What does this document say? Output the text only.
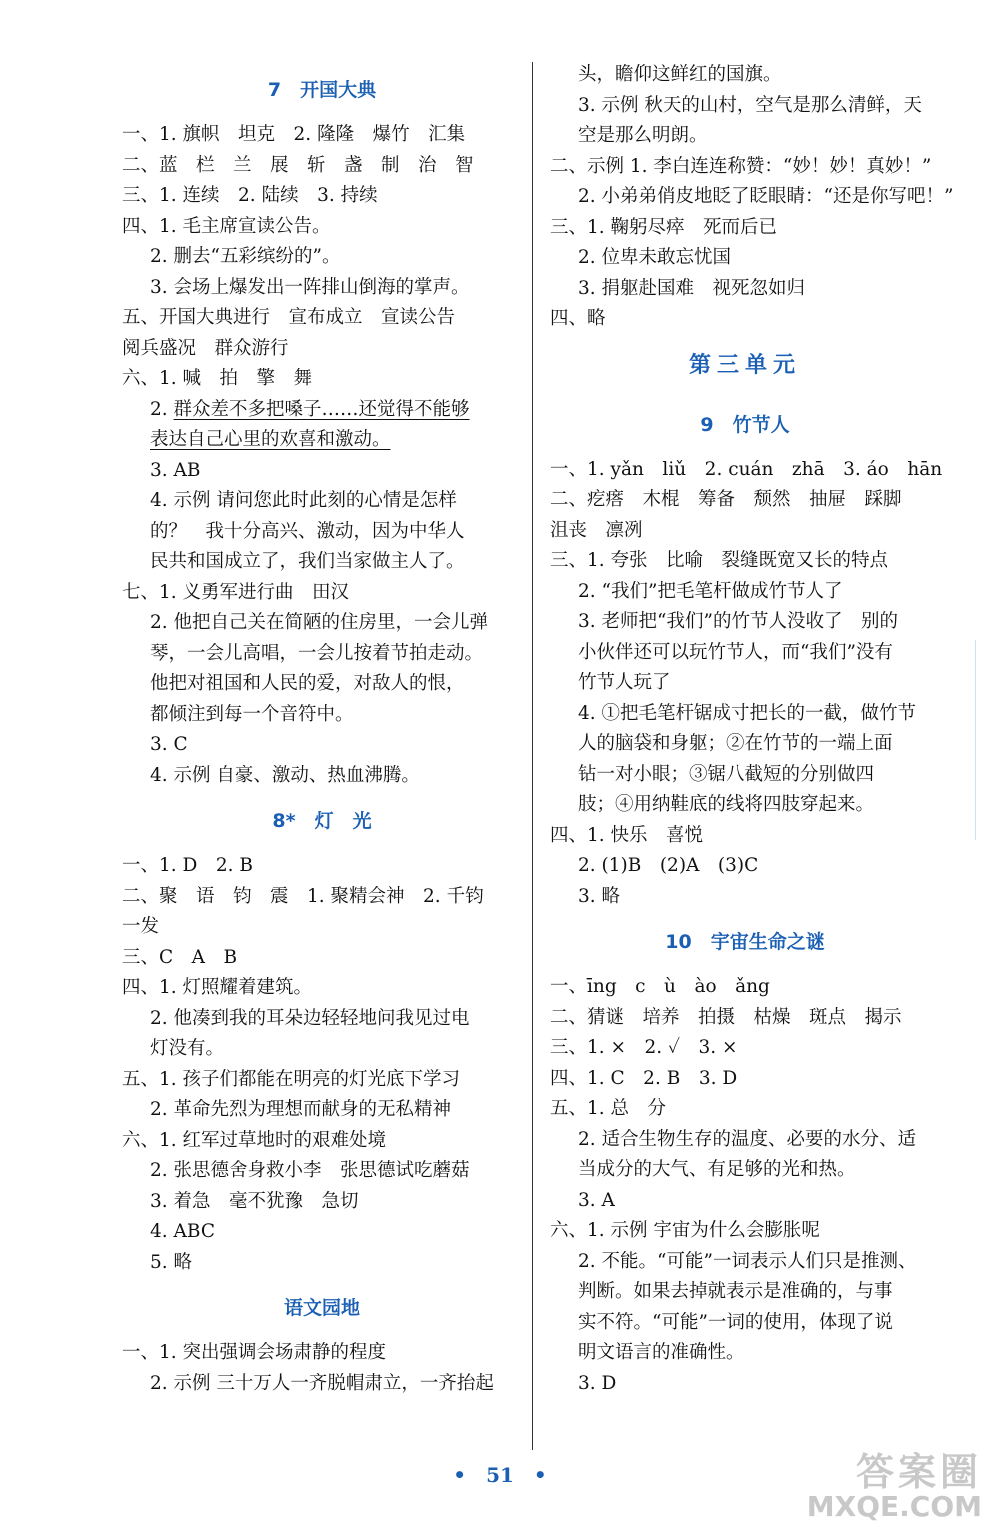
7　开国大典
一、1. 旗帜　坦克　2. 隆隆　爆竹　汇集
二、蓝　栏　兰　展　斩　盏　制　治　智
三、1. 连续　2. 陆续　3. 持续
四、1. 毛主席宣读公告。
2. 删去“五彩缤纷的”。
3. 会场上爆发出一阵排山倒海的掌声。
五、开国大典进行　宣布成立　宣读公告
阅兵盛况　群众游行
六、1. 喊　拍　擎　舞
2. 群众差不多把嗓子……还觉得不能够
表达自己心里的欢喜和激动。
3. AB
4. 示例 请问您此时此刻的心情是怎样
的？　我十分高兴、激动，因为中华人
民共和国成立了，我们当家做主人了。
七、1. 义勇军进行曲　田汉
2. 他把自己关在简陋的住房里，一会儿弹
琴，一会儿高唱，一会儿按着节拍走动。
他把对祖国和人民的爱，对敌人的恨，
都倾注到每一个音符中。
3. C
4. 示例 自豪、激动、热血沸腾。
8*　灯　光
一、1. D　2. B
二、聚　语　钧　震　1. 聚精会神　2. 千钧
一发
三、C　A　B
四、1. 灯照耀着建筑。
2. 他凑到我的耳朵边轻轻地问我见过电
灯没有。
五、1. 孩子们都能在明亮的灯光底下学习
2. 革命先烈为理想而献身的无私精神
六、1. 红军过草地时的艰难处境
2. 张思德舍身救小李　张思德试吃蘑菇
3. 着急　毫不犹豫　急切
4. ABC
5. 略
语文园地
一、1. 突出强调会场肃静的程度
2. 示例 三十万人一齐脱帽肃立，一齐抬起
头，瞻仰这鲜红的国旗。
3. 示例 秋天的山村，空气是那么清鲜，天
空是那么明朗。
二、示例 1. 李白连连称赞：“妙！妙！真妙！”
2. 小弟弟俏皮地眨了眨眼睛：“还是你写吧！”
三、1. 鞠躬尽瘁　死而后已
2. 位卑未敢忘忧国
3. 捐躯赴国难　视死忽如归
四、略
第三单元
9　竹节人
一、1. yǎn　liǔ　2. cuán　zhā　3. áo　hān
二、疙瘩　木棍　筹备　颓然　抽屉　踩脚
沮丧　凛冽
三、1. 夸张　比喻　裂缝既宽又长的特点
2. “我们”把毛笔杆做成竹节人了
3. 老师把“我们”的竹节人没收了　别的
小伙伴还可以玩竹节人，而“我们”没有
竹节人玩了
4. ①把毛笔杆锯成寸把长的一截，做竹节
人的脑袋和身躯；②在竹节的一端上面
钻一对小眼；③锯八截短的分别做四
肢；④用纳鞋底的线将四肢穿起来。
四、1. 快乐　喜悦
2. (1)B　(2)A　(3)C
3. 略
10　宇宙生命之谜
一、īng　c　ù　ào　ǎng
二、猜谜　培养　拍摄　枯燥　斑点　揭示
三、1. ×　2. ✓　3. ×
四、1. C　2. B　3. D
五、1. 总　分
2. 适合生物生存的温度、必要的水分、适
当成分的大气、有足够的光和热。
3. A
六、1. 示例 宇宙为什么会膨胀呢
2. 不能。“可能”一词表示人们只是推测、
判断。如果去掉就表示是准确的，与事
实不符。“可能”一词的使用，体现了说
明文语言的准确性。
3. D
•　51　•	答案圈
MXQE.COM
